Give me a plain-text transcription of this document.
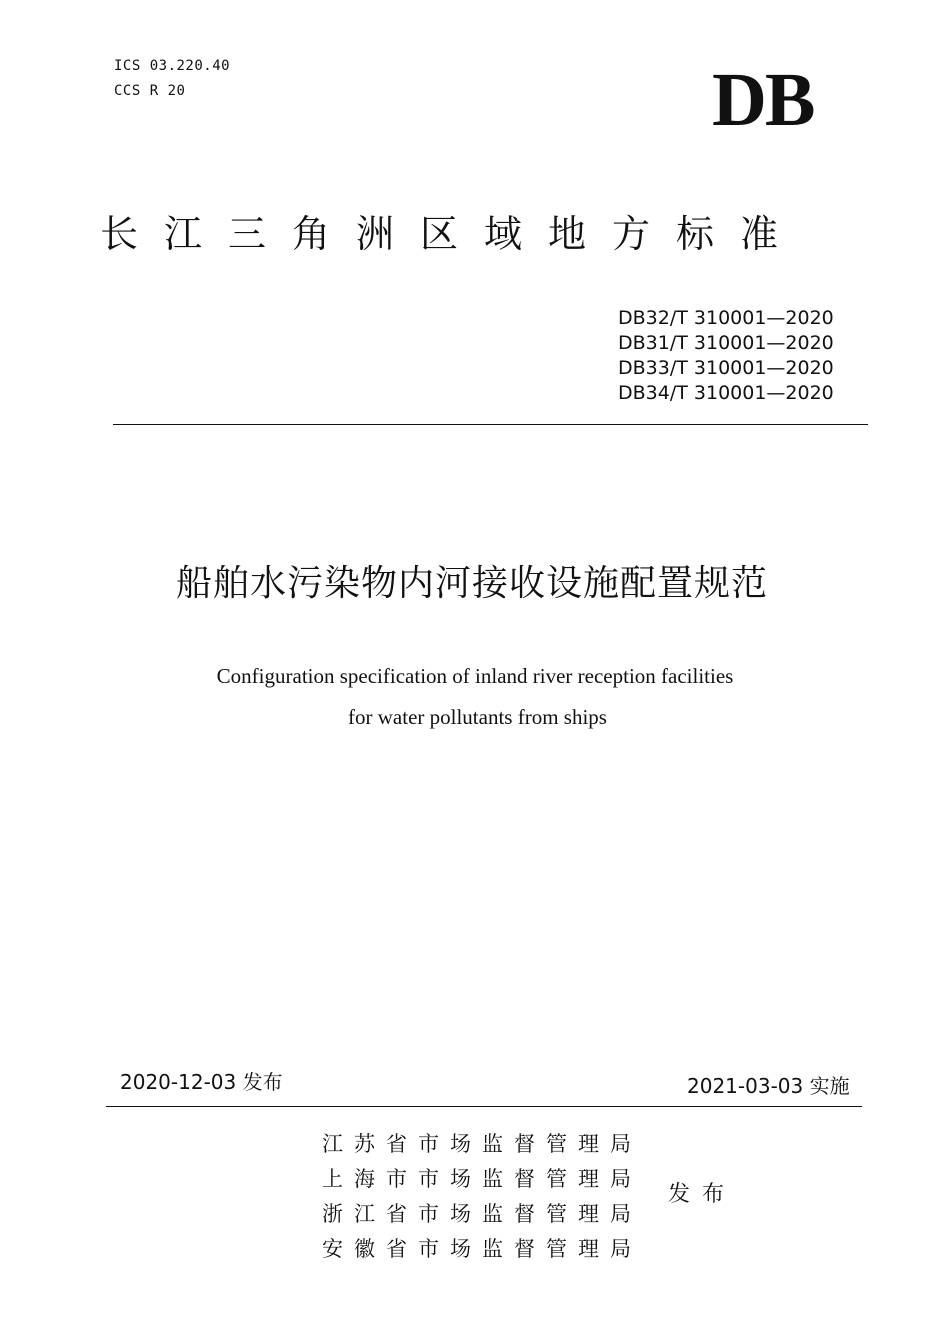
ICS 03.220.40
CCS R 20	DB
长江三角洲区域地方标准
DB32/T 310001—2020
DB31/T 310001—2020
DB33/T 310001—2020
DB34/T 310001—2020
船舶水污染物内河接收设施配置规范
Configuration specification of inland river reception facilities
for water pollutants from ships
2020-12-03 发布	2021-03-03 实施
江苏省市场监督管理局
上海市市场监督管理局
浙江省市场监督管理局
安徽省市场监督管理局
发布
